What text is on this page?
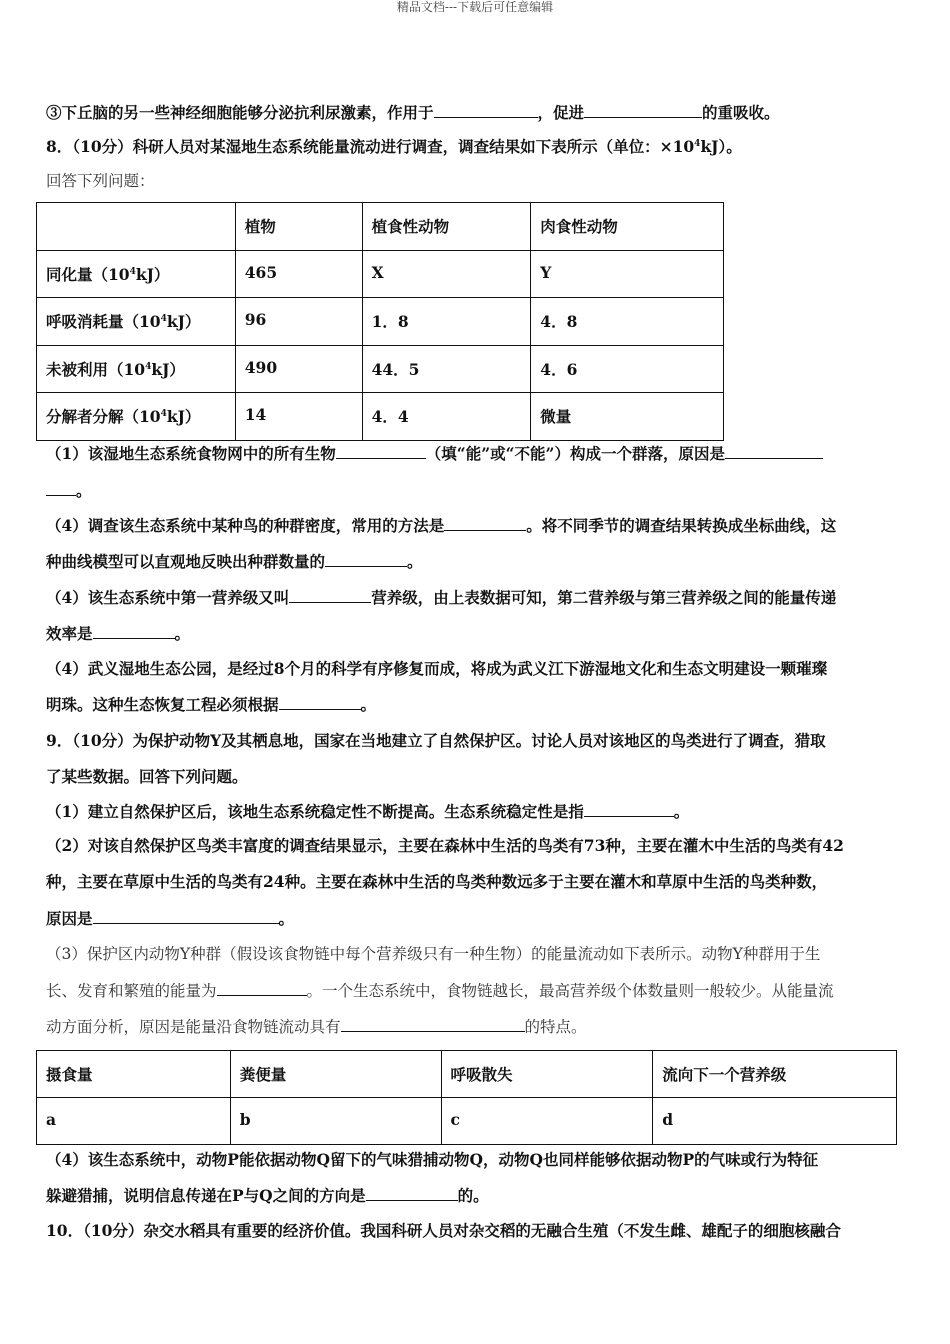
精品文档---下载后可任意编辑
③下丘脑的另一些神经细胞能够分泌抗利尿激素，作用于	，促进	的重吸收。
8．（10分）科研人员对某湿地生态系统能量流动进行调查，调查结果如下表所示（单位：$\times 10^4kJ$）。
回答下列问题：
	植物	植食性动物	肉食性动物
同化量$(10^4kJ)$	465	X	Y
呼吸消耗量$(10^4kJ)$	96	1．8	4．8
未被利用$(10^4kJ)$	490	44．5	4．6
分解者分解$(10^4kJ)$	14	4．4	微量
（1）该湿地生态系统食物网中的所有生物	（填“能”或“不能”）构成一个群落，原因是
。
（4）调查该生态系统中某种鸟的种群密度，常用的方法是	。将不同季节的调查结果转换成坐标曲线，这
种曲线模型可以直观地反映出种群数量的	。
（4）该生态系统中第一营养级又叫	营养级，由上表数据可知，第二营养级与第三营养级之间的能量传递
效率是	。
（4）武义湿地生态公园，是经过8个月的科学有序修复而成，将成为武义江下游湿地文化和生态文明建设一颗璀璨
明珠。这种生态恢复工程必须根据	。
9．（10分）为保护动物Y及其栖息地，国家在当地建立了自然保护区。讨论人员对该地区的鸟类进行了调查，猎取
了某些数据。回答下列问题。
（1）建立自然保护区后，该地生态系统稳定性不断提高。生态系统稳定性是指	。
（2）对该自然保护区鸟类丰富度的调查结果显示，主要在森林中生活的鸟类有73种，主要在灌木中生活的鸟类有42
种，主要在草原中生活的鸟类有24种。主要在森林中生活的鸟类种数远多于主要在灌木和草原中生活的鸟类种数，
原因是	。
（3）保护区内动物Y种群（假设该食物链中每个营养级只有一种生物）的能量流动如下表所示。动物Y种群用于生
长、发育和繁殖的能量为	。一个生态系统中，食物链越长，最高营养级个体数量则一般较少。从能量流
动方面分析，原因是能量沿食物链流动具有	的特点。
摄食量	粪便量	呼吸散失	流向下一个营养级
a	b	c	d
（4）该生态系统中，动物P能依据动物Q留下的气味猎捕动物Q，动物Q也同样能够依据动物P的气味或行为特征
躲避猎捕，说明信息传递在P与Q之间的方向是	的。
10．（10分）杂交水稻具有重要的经济价值。我国科研人员对杂交稻的无融合生殖（不发生雌、雄配子的细胞核融合
